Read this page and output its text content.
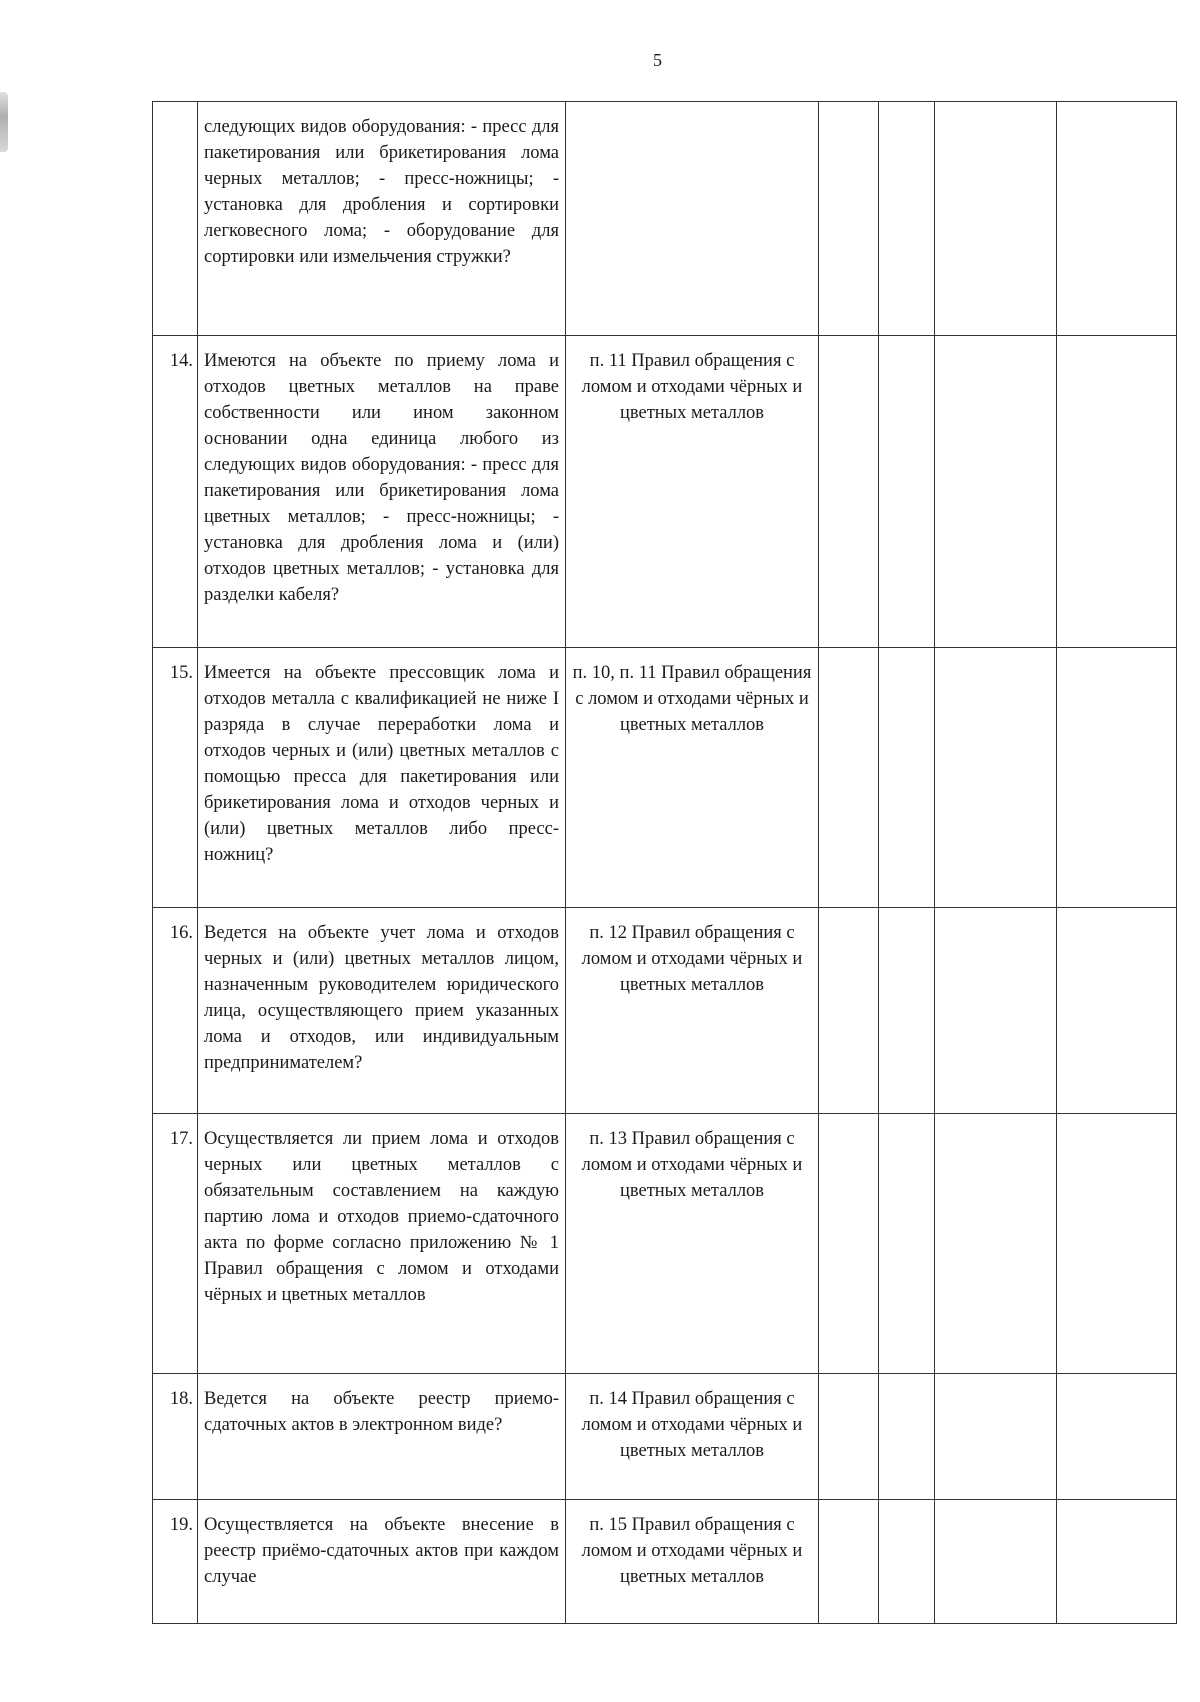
5
	следующих видов оборудования: - пресс для пакетирования или брикетирования лома черных металлов; - пресс-ножницы; - установка для дробления и сортировки легковесного лома; - оборудование для сортировки или измельчения стружки?					
14.	Имеются на объекте по приему лома и отходов цветных металлов на праве собственности или ином законном основании одна единица любого из следующих видов оборудования: - пресс для пакетирования или брикетирования лома цветных металлов; - пресс-ножницы; - установка для дробления лома и (или) отходов цветных металлов; - установка для разделки кабеля?	п. 11 Правил обращения с ломом и отходами чёрных и цветных металлов				
15.	Имеется на объекте прессовщик лома и отходов металла с квалификацией не ниже I разряда в случае переработки лома и отходов черных и (или) цветных металлов с помощью пресса для пакетирования или брикетирования лома и отходов черных и (или) цветных металлов либо пресс-ножниц?	п. 10, п. 11 Правил обращения с ломом и отходами чёрных и цветных металлов				
16.	Ведется на объекте учет лома и отходов черных и (или) цветных металлов лицом, назначенным руководителем юридического лица, осуществляющего прием указанных лома и отходов, или индивидуальным предпринимателем?	п. 12 Правил обращения с ломом и отходами чёрных и цветных металлов				
17.	Осуществляется ли прием лома и отходов черных или цветных металлов с обязательным составлением на каждую партию лома и отходов приемо-сдаточного акта по форме согласно приложению № 1 Правил обращения с ломом и отходами чёрных и цветных металлов	п. 13 Правил обращения с ломом и отходами чёрных и цветных металлов				
18.	Ведется на объекте реестр приемо-сдаточных актов в электронном виде?	п. 14 Правил обращения с ломом и отходами чёрных и цветных металлов				
19.	Осуществляется на объекте внесение в реестр приёмо-сдаточных актов при каждом случае	п. 15 Правил обращения с ломом и отходами чёрных и цветных металлов				
